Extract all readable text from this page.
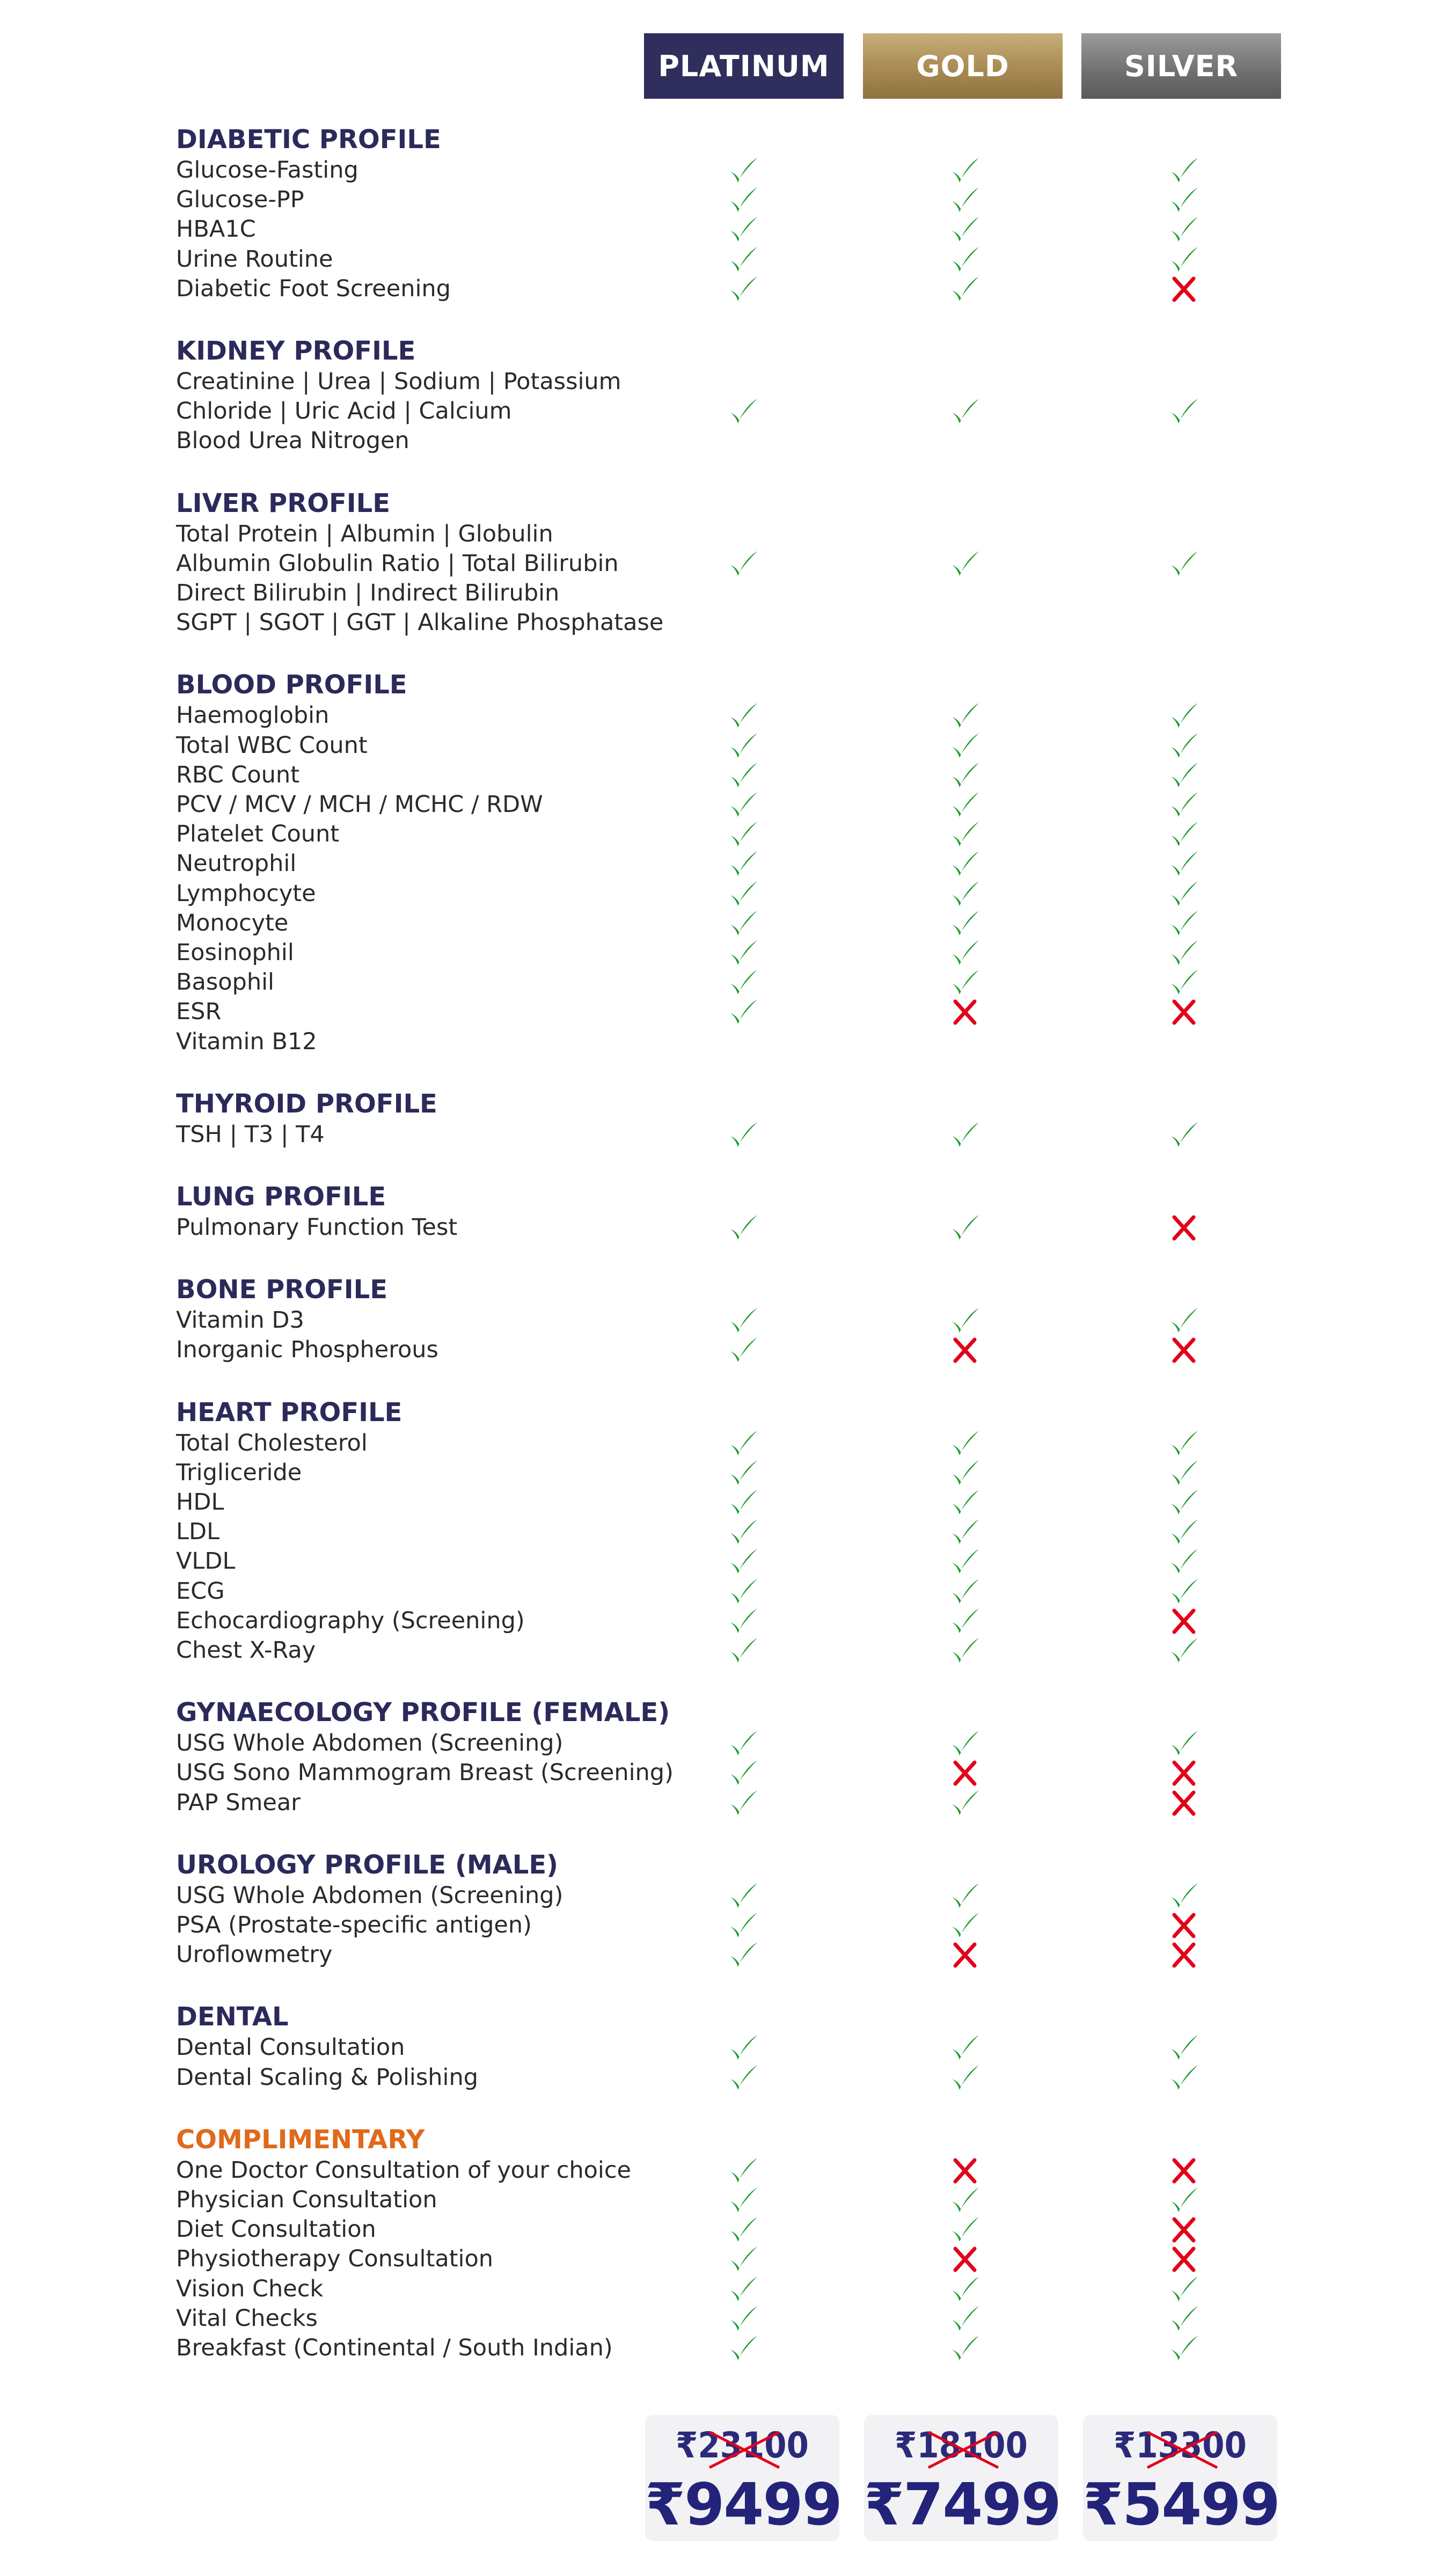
PLATINUM	GOLD	SILVER
DIABETIC PROFILE
Glucose-Fasting
Glucose-PP
HBA1C
Urine Routine
Diabetic Foot Screening
KIDNEY PROFILE
Creatinine | Urea | Sodium | Potassium
Chloride | Uric Acid | Calcium
Blood Urea Nitrogen
LIVER PROFILE
Total Protein | Albumin | Globulin
Albumin Globulin Ratio | Total Bilirubin
Direct Bilirubin | Indirect Bilirubin
SGPT | SGOT | GGT | Alkaline Phosphatase
BLOOD PROFILE
Haemoglobin
Total WBC Count
RBC Count
PCV / MCV / MCH / MCHC / RDW
Platelet Count
Neutrophil
Lymphocyte
Monocyte
Eosinophil
Basophil
ESR
Vitamin B12
THYROID PROFILE
TSH | T3 | T4
LUNG PROFILE
Pulmonary Function Test
BONE PROFILE
Vitamin D3
Inorganic Phospherous
HEART PROFILE
Total Cholesterol
Trigliceride
HDL
LDL
VLDL
ECG
Echocardiography (Screening)
Chest X-Ray
GYNAECOLOGY PROFILE (FEMALE)
USG Whole Abdomen (Screening)
USG Sono Mammogram Breast (Screening)
PAP Smear
UROLOGY PROFILE (MALE)
USG Whole Abdomen (Screening)
PSA (Prostate-specific antigen)
Uroflowmetry
DENTAL
Dental Consultation
Dental Scaling & Polishing
COMPLIMENTARY
One Doctor Consultation of your choice
Physician Consultation
Diet Consultation
Physiotherapy Consultation
Vision Check
Vital Checks
Breakfast (Continental / South Indian)
₹23100
₹9499
₹18100
₹7499
₹13300
₹5499
